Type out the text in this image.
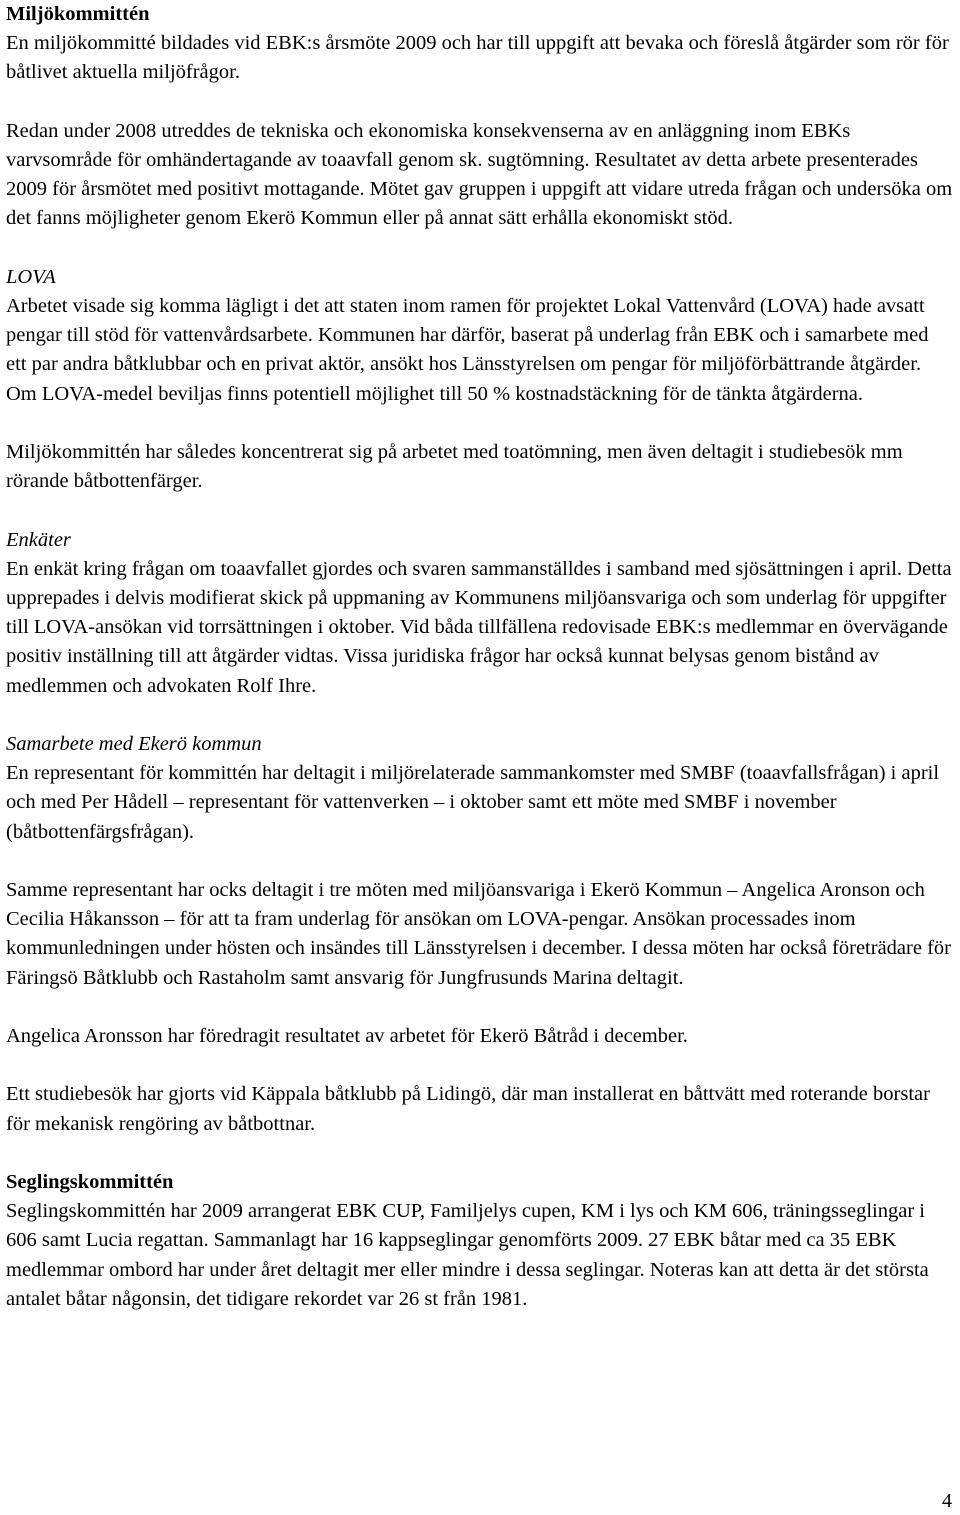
Miljökommittén
En miljökommitté bildades vid EBK:s årsmöte 2009 och har till uppgift att bevaka och föreslå åtgärder som rör för båtlivet aktuella miljöfrågor.

Redan under 2008 utreddes de tekniska och ekonomiska konsekvenserna av en anläggning inom EBKs varvsområde för omhändertagande av toaavfall genom sk. sugtömning. Resultatet av detta arbete presenterades 2009 för årsmötet med positivt mottagande. Mötet gav gruppen i uppgift att vidare utreda frågan och undersöka om det fanns möjligheter genom Ekerö Kommun eller på annat sätt erhålla ekonomiskt stöd.

LOVA
Arbetet visade sig komma lägligt i det att staten inom ramen för projektet Lokal Vattenvård (LOVA) hade avsatt pengar till stöd för vattenvårdsarbete. Kommunen har därför, baserat på underlag från EBK och i samarbete med ett par andra båtklubbar och en privat aktör, ansökt hos Länsstyrelsen om pengar för miljöförbättrande åtgärder. Om LOVA-medel beviljas finns potentiell möjlighet till 50 % kostnadstäckning för de tänkta åtgärderna.

Miljökommittén har således koncentrerat sig på arbetet med toatömning, men även deltagit i studiebesök mm rörande båtbottenfärger.

Enkäter
En enkät kring frågan om toaavfallet gjordes och svaren sammanställdes i samband med sjösättningen i april. Detta upprepades i delvis modifierat skick på uppmaning av Kommunens miljöansvariga och som underlag för uppgifter till LOVA-ansökan vid torrsättningen i oktober. Vid båda tillfällena redovisade EBK:s medlemmar en övervägande positiv inställning till att åtgärder vidtas. Vissa juridiska frågor har också kunnat belysas genom bistånd av medlemmen och advokaten Rolf Ihre.

Samarbete med Ekerö kommun
En representant för kommittén har deltagit i miljörelaterade sammankomster med SMBF (toaavfallsfrågan) i april och med Per Hådell – representant för vattenverken – i oktober samt ett möte med SMBF i november (båtbottenfärgsfrågan).

Samme representant har ocks deltagit i tre möten med miljöansvariga i Ekerö Kommun – Angelica Aronson och Cecilia Håkansson – för att ta fram underlag för ansökan om LOVA-pengar. Ansökan processades inom kommunledningen under hösten och insändes till Länsstyrelsen i december. I dessa möten har också företrädare för Färingsö Båtklubb och Rastaholm samt ansvarig för Jungfrusunds Marina deltagit.

Angelica Aronsson har föredragit resultatet av arbetet för Ekerö Båtråd i december.

Ett studiebesök har gjorts vid Käppala båtklubb på Lidingö, där man installerat en båttvätt med roterande borstar för mekanisk rengöring av båtbottnar.

Seglingskommittén
Seglingskommittén har 2009 arrangerat EBK CUP, Familjelys cupen, KM i lys och KM 606, träningsseglingar i 606 samt Lucia regattan. Sammanlagt har 16 kappseglingar genomförts 2009. 27 EBK båtar med ca 35 EBK medlemmar ombord har under året deltagit mer eller mindre i dessa seglingar. Noteras kan att detta är det största antalet båtar någonsin, det tidigare rekordet var 26 st från 1981.

4
